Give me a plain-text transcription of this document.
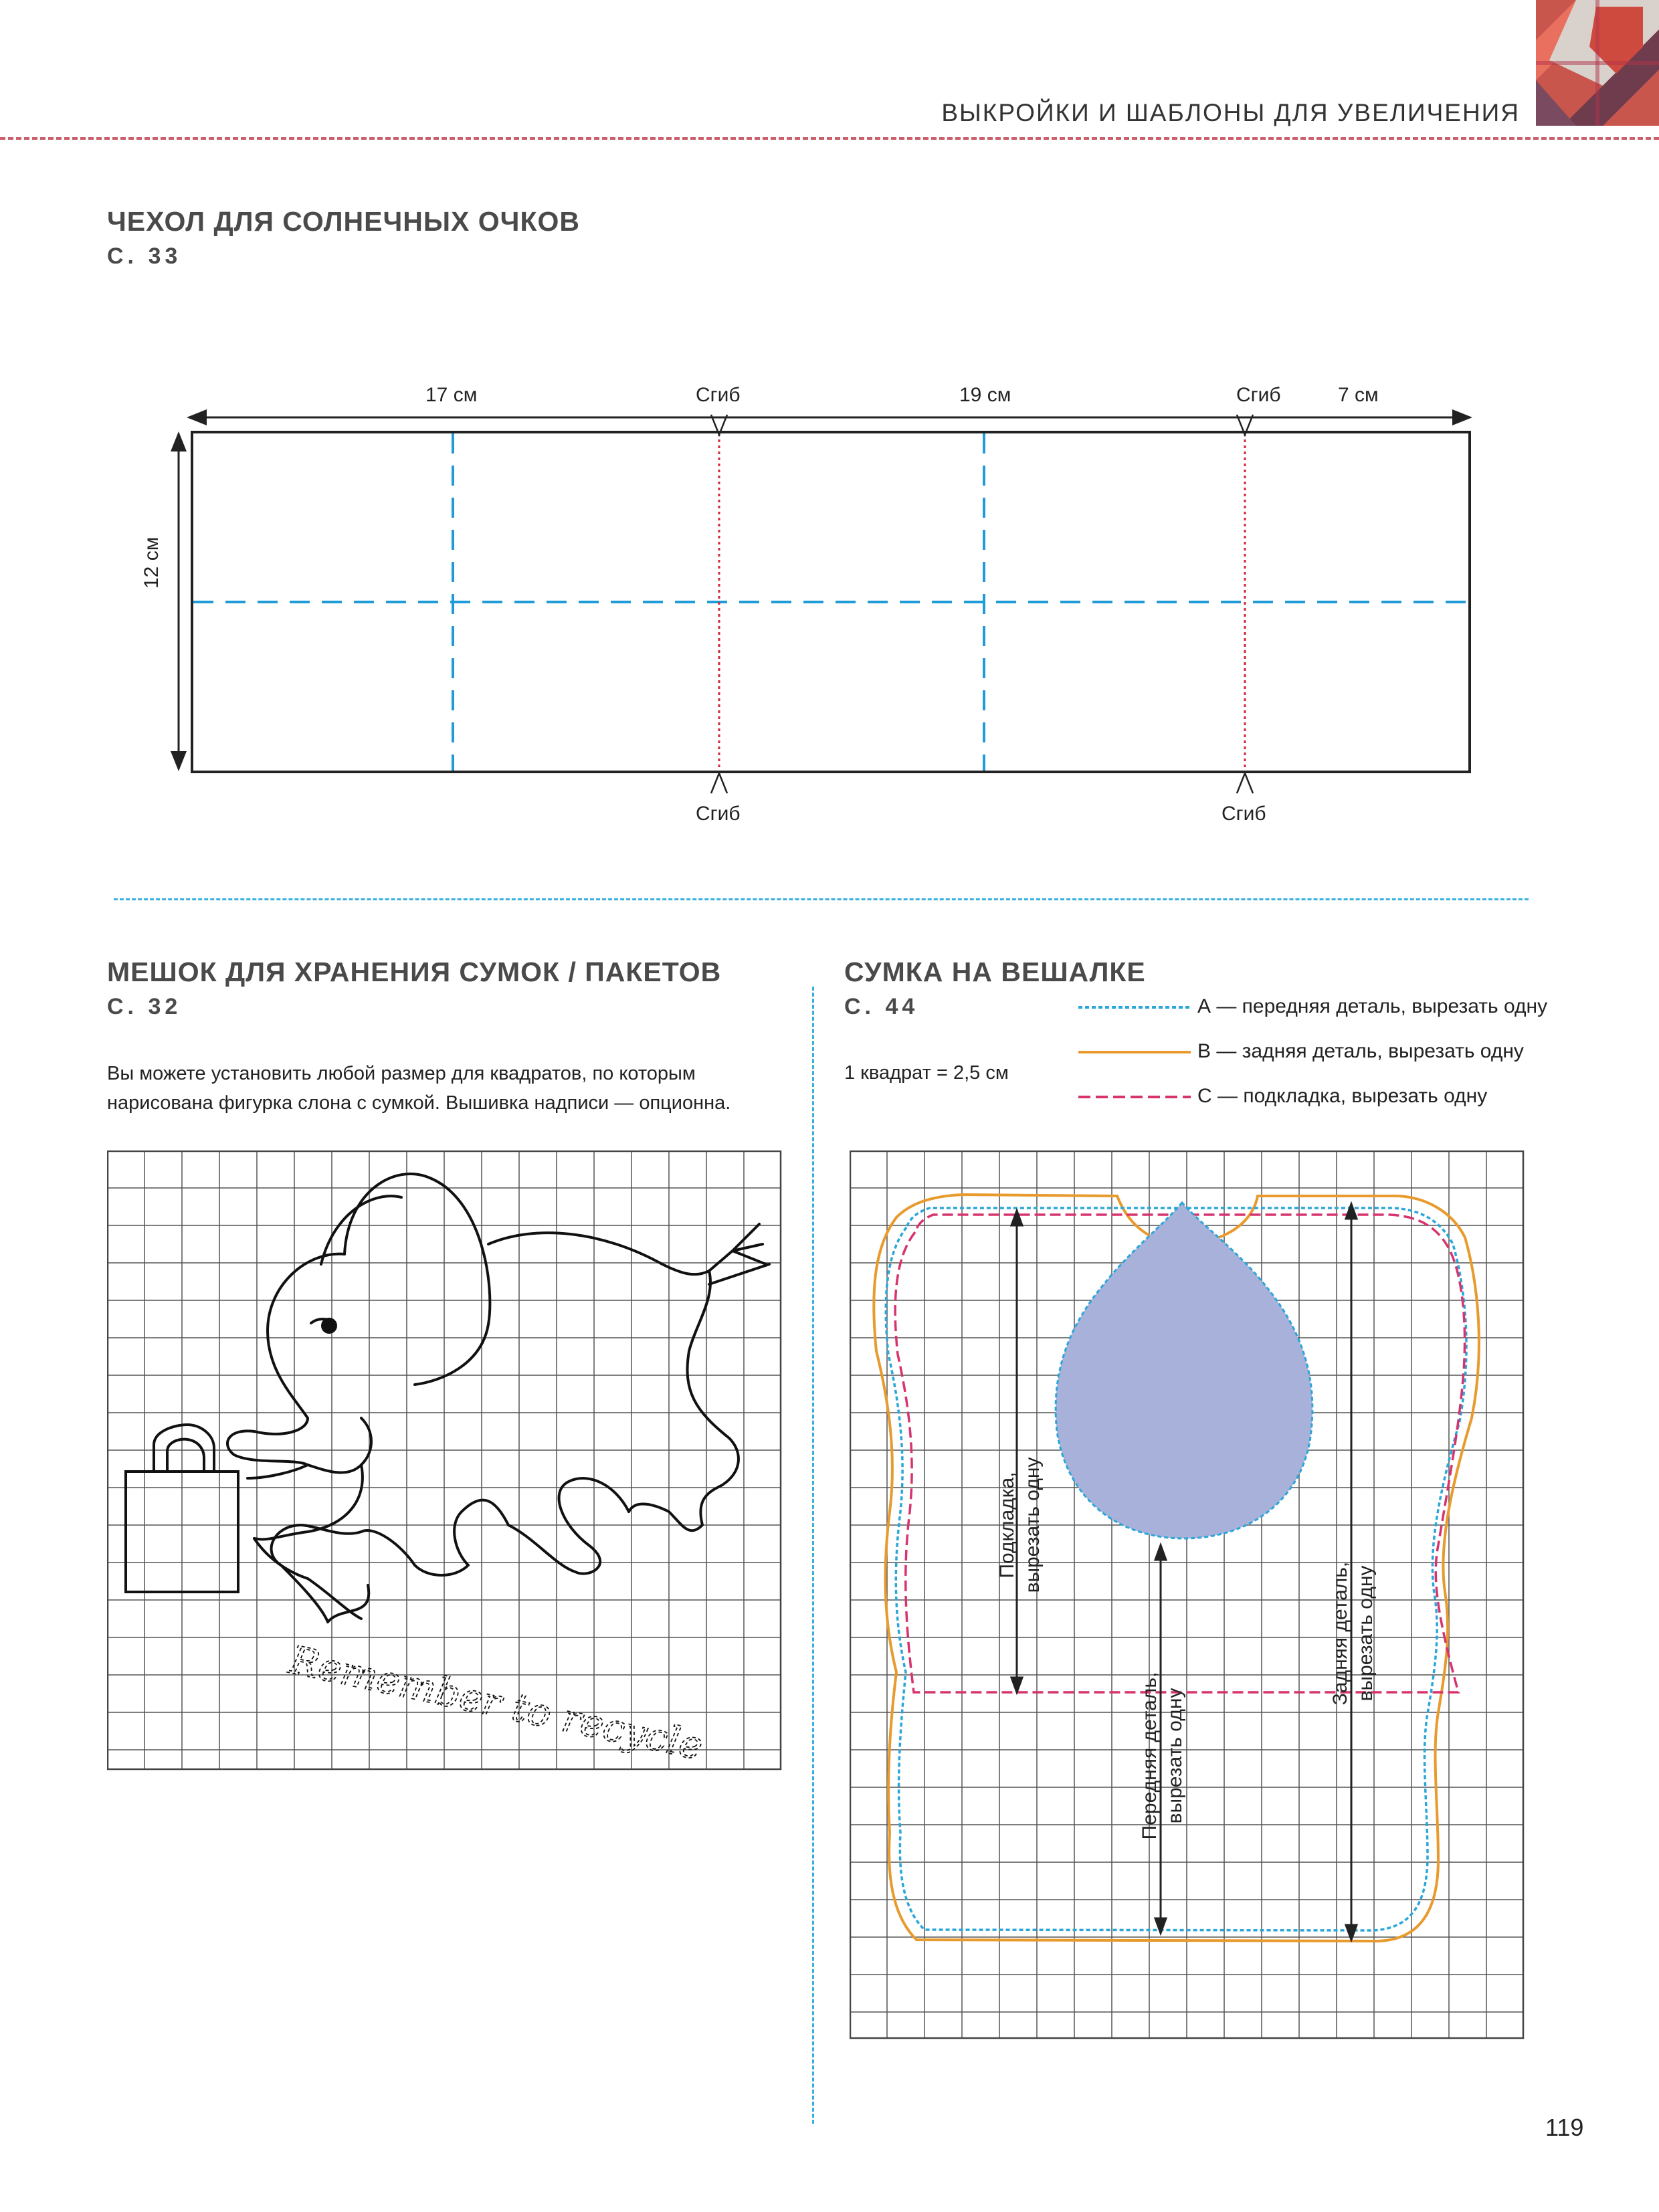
ВЫКРОЙКИ И ШАБЛОНЫ ДЛЯ УВЕЛИЧЕНИЯ
ЧЕХОЛ ДЛЯ СОЛНЕЧНЫХ ОЧКОВ
С. 33
17 см	Сгиб	19 см	Сгиб	7 см
Сгиб	Сгиб
12 см
МЕШОК ДЛЯ ХРАНЕНИЯ СУМОК / ПАКЕТОВ
С. 32
Вы можете установить любой размер для квадратов, по которым
нарисована фигурка слона с сумкой. Вышивка надписи — опционна.
Remember to recycle
СУМКА НА ВЕШАЛКЕ
С. 44
1 квадрат = 2,5 см
А — передняя деталь, вырезать одну
В — задняя деталь, вырезать одну
С — подкладка, вырезать одну
Подкладка, вырезать одну
Передняя деталь, вырезать одну
Задняя деталь, вырезать одну
119
